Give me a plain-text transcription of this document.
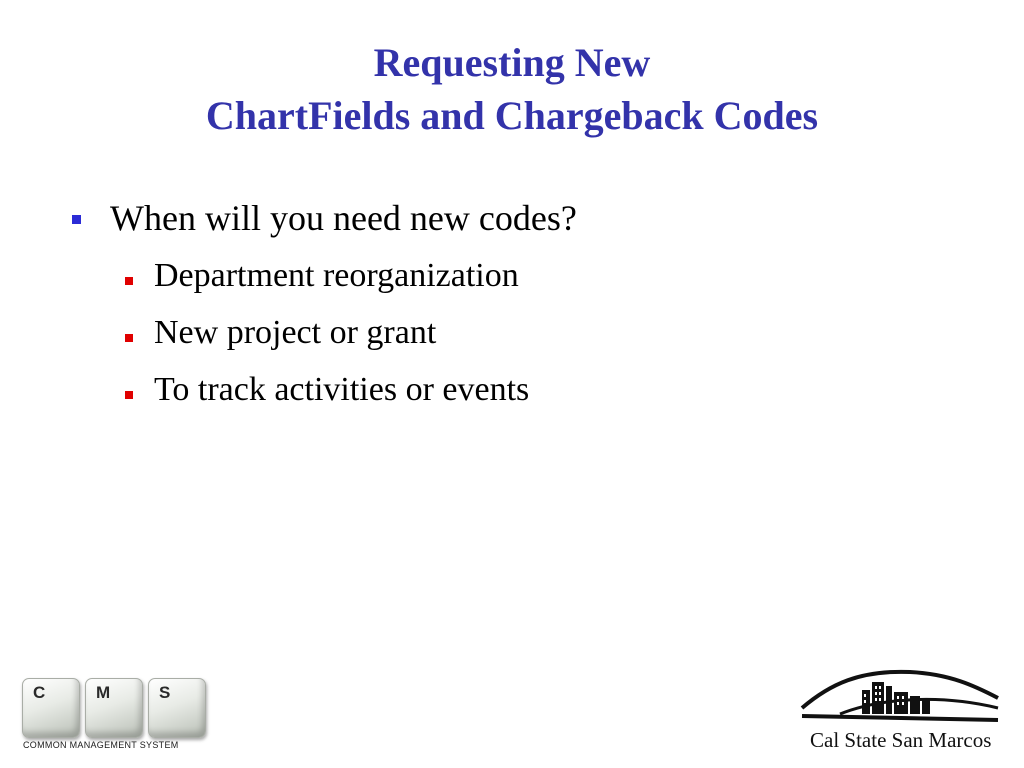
Requesting New
ChartFields and Chargeback Codes
When will you need new codes?
Department reorganization
New project or grant
To track activities or events
C	M	S
COMMON MANAGEMENT SYSTEM	Cal State San Marcos
